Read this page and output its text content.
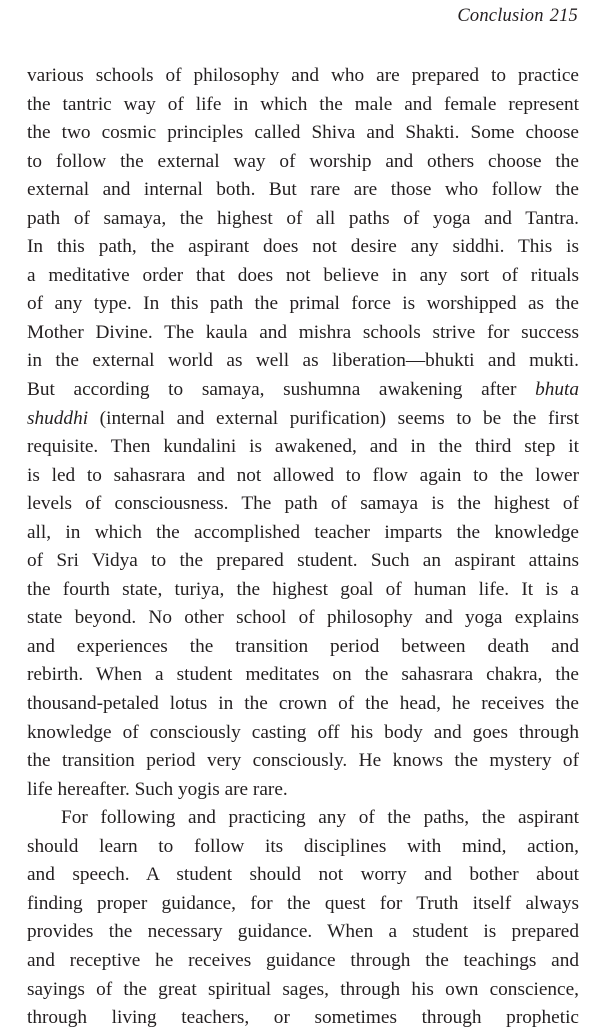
Conclusion 215
various schools of philosophy and who are prepared to practice
the tantric way of life in which the male and female represent
the two cosmic principles called Shiva and Shakti. Some choose
to follow the external way of worship and others choose the
external and internal both. But rare are those who follow the
path of samaya, the highest of all paths of yoga and Tantra.
In this path, the aspirant does not desire any siddhi. This is
a meditative order that does not believe in any sort of rituals
of any type. In this path the primal force is worshipped as the
Mother Divine. The kaula and mishra schools strive for success
in the external world as well as liberation—bhukti and mukti.
But according to samaya, sushumna awakening after bhuta
shuddhi (internal and external purification) seems to be the first
requisite. Then kundalini is awakened, and in the third step it
is led to sahasrara and not allowed to flow again to the lower
levels of consciousness. The path of samaya is the highest of
all, in which the accomplished teacher imparts the knowledge
of Sri Vidya to the prepared student. Such an aspirant attains
the fourth state, turiya, the highest goal of human life. It is a
state beyond. No other school of philosophy and yoga explains
and experiences the transition period between death and
rebirth. When a student meditates on the sahasrara chakra, the
thousand-petaled lotus in the crown of the head, he receives the
knowledge of consciously casting off his body and goes through
the transition period very consciously. He knows the mystery of
life hereafter. Such yogis are rare.
For following and practicing any of the paths, the aspirant
should learn to follow its disciplines with mind, action,
and speech. A student should not worry and bother about
finding proper guidance, for the quest for Truth itself always
provides the necessary guidance. When a student is prepared
and receptive he receives guidance through the teachings and
sayings of the great spiritual sages, through his own conscience,
through living teachers, or sometimes through prophetic
